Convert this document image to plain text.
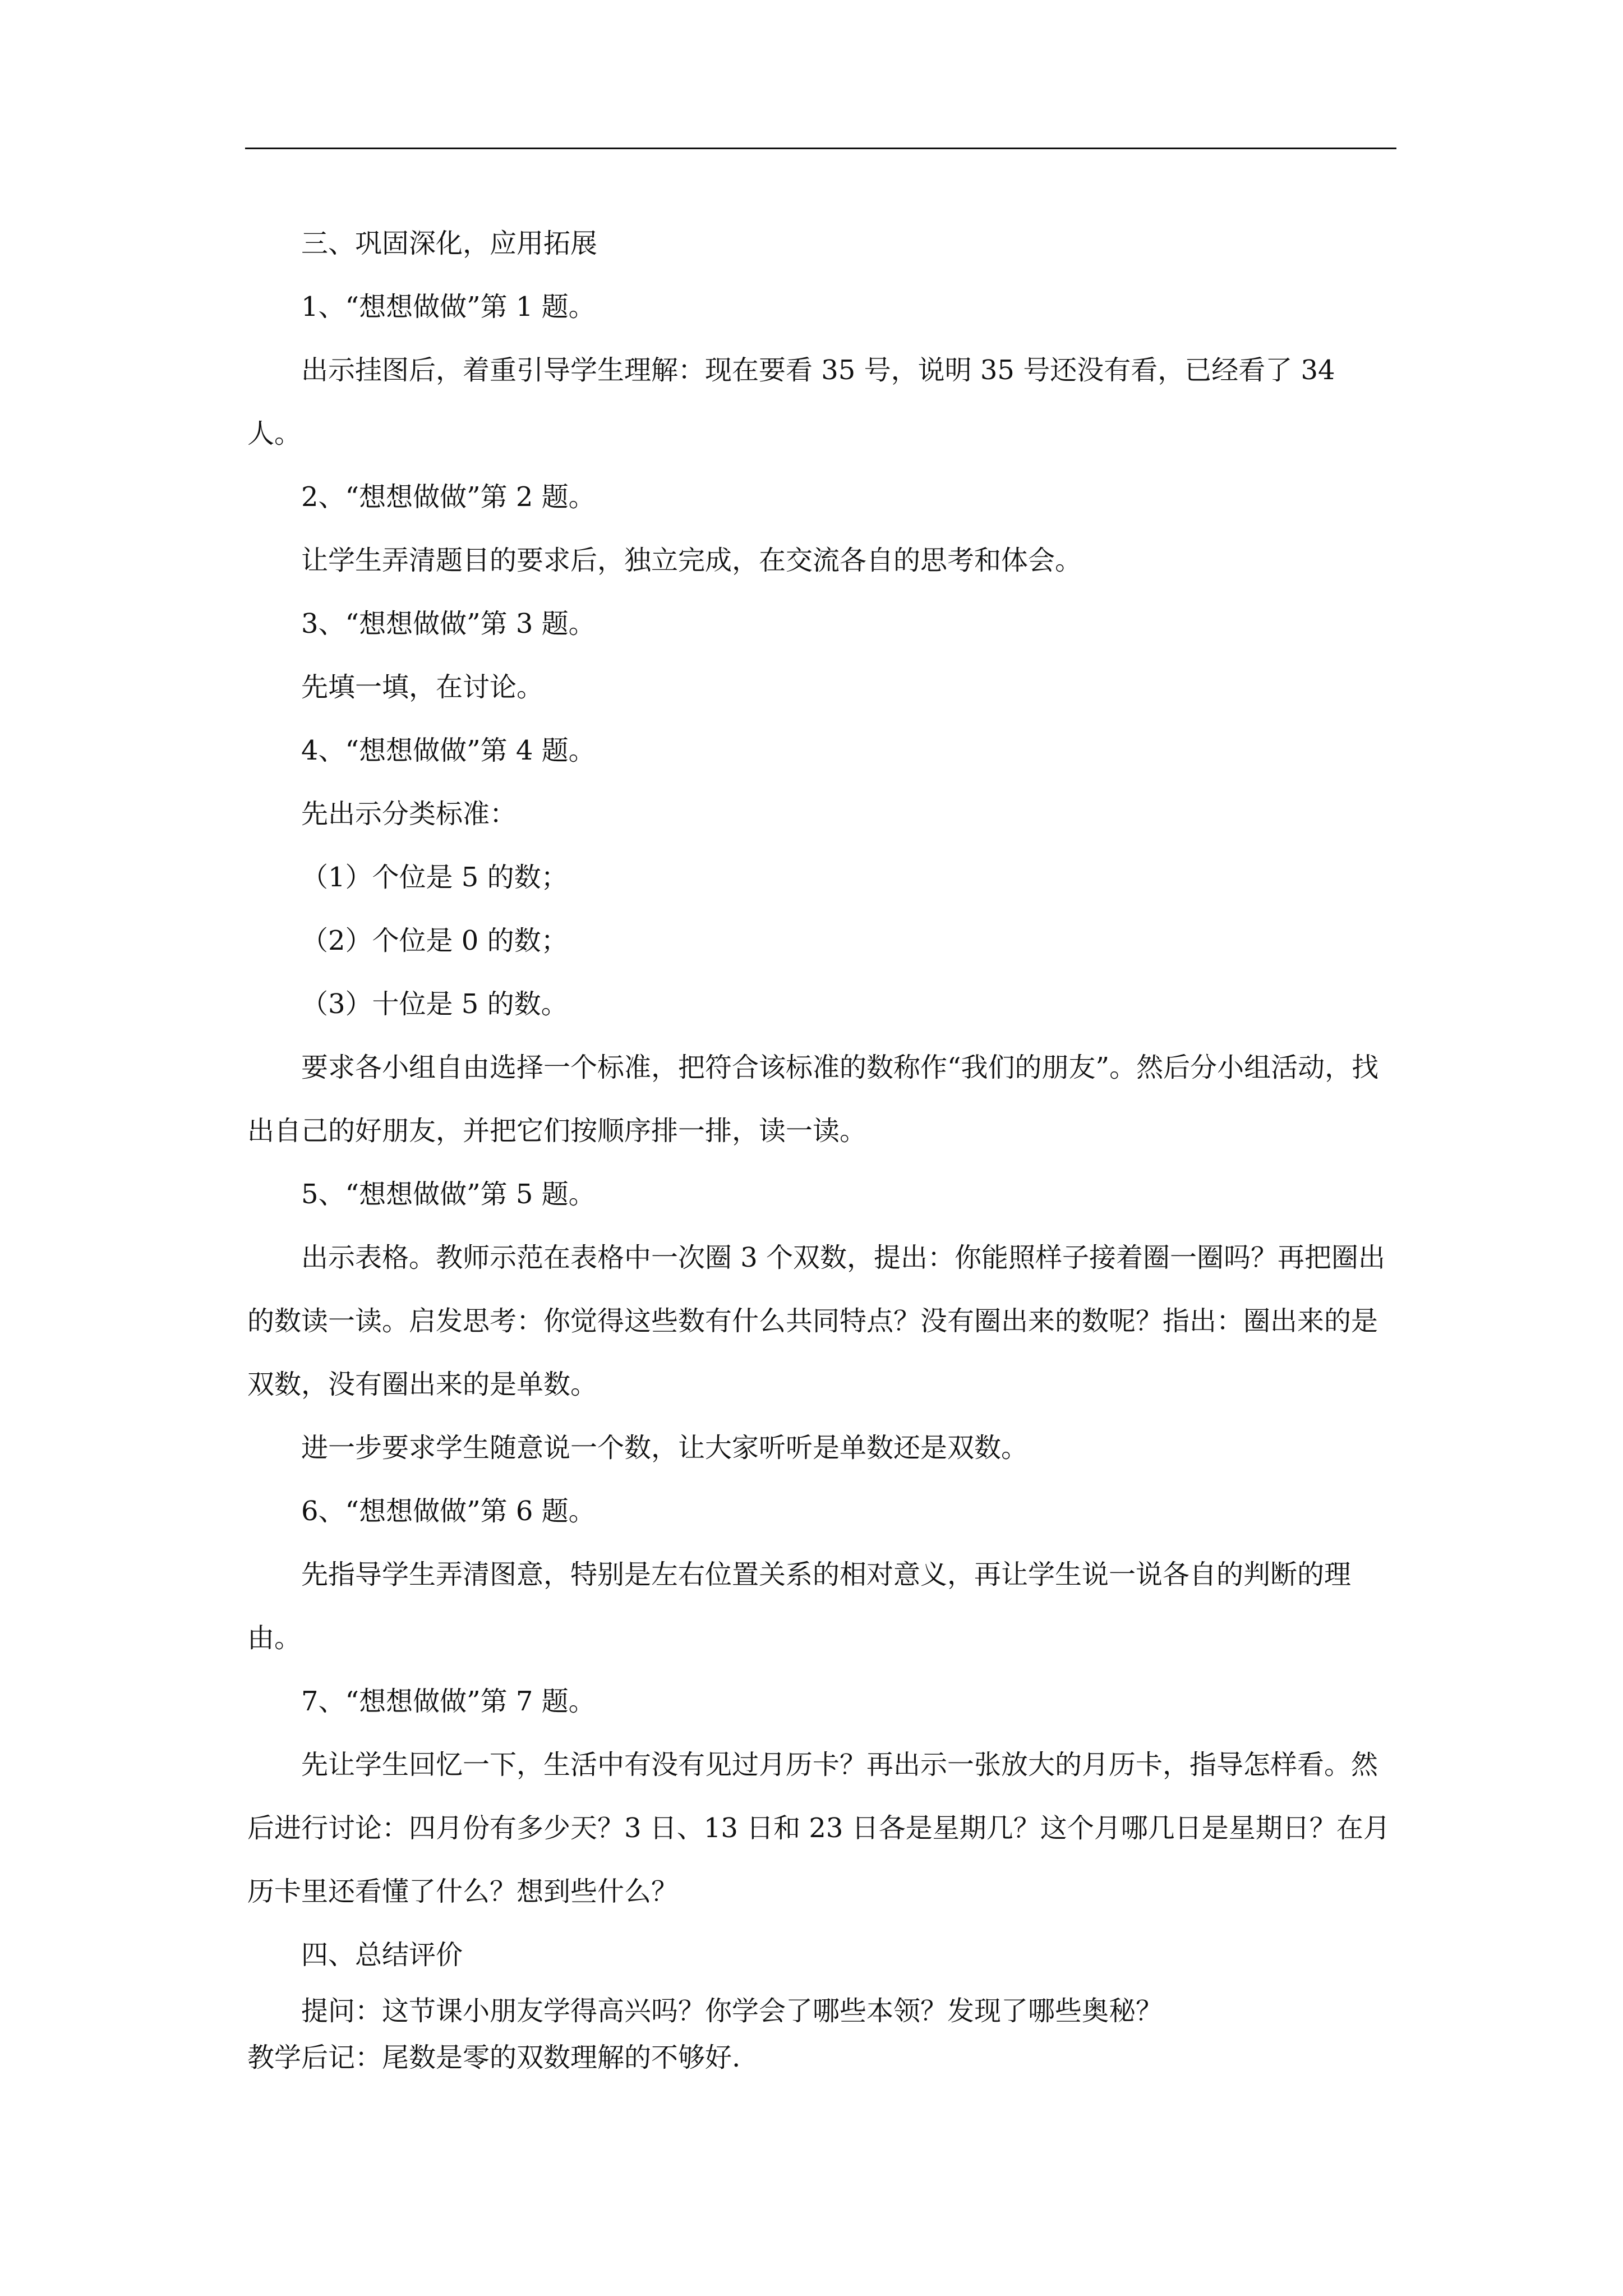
三、巩固深化，应用拓展

1、“想想做做”第 1 题。

出示挂图后，着重引导学生理解：现在要看 35 号，说明 35 号还没有看，已经看了 34 人。

2、“想想做做”第 2 题。

让学生弄清题目的要求后，独立完成，在交流各自的思考和体会。

3、“想想做做”第 3 题。

先填一填，在讨论。

4、“想想做做”第 4 题。

先出示分类标准：

（1）个位是 5 的数；

（2）个位是 0 的数；

（3）十位是 5 的数。

要求各小组自由选择一个标准，把符合该标准的数称作“我们的朋友”。然后分小组活动，找出自己的好朋友，并把它们按顺序排一排，读一读。

5、“想想做做”第 5 题。

出示表格。教师示范在表格中一次圈 3 个双数，提出：你能照样子接着圈一圈吗？再把圈出的数读一读。启发思考：你觉得这些数有什么共同特点？没有圈出来的数呢？指出：圈出来的是双数，没有圈出来的是单数。

进一步要求学生随意说一个数，让大家听听是单数还是双数。

6、“想想做做”第 6 题。

先指导学生弄清图意，特别是左右位置关系的相对意义，再让学生说一说各自的判断的理由。

7、“想想做做”第 7 题。

先让学生回忆一下，生活中有没有见过月历卡？再出示一张放大的月历卡，指导怎样看。然后进行讨论：四月份有多少天？3 日、13 日和 23 日各是星期几？这个月哪几日是星期日？在月历卡里还看懂了什么？想到些什么？

四、总结评价

提问：这节课小朋友学得高兴吗？你学会了哪些本领？发现了哪些奥秘？

教学后记：尾数是零的双数理解的不够好.
